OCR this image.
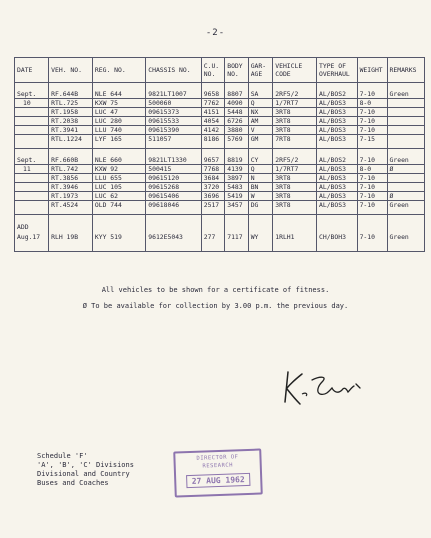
-2-
DATE	VEH. NO.	REG. NO.	CHASSIS NO.	C.U. NO.	BODY NO.	GAR- AGE	VEHICLE CODE	TYPE OF OVERHAUL	WEIGHT	REMARKS
Sept.	RF.644B	NLE 644	9821LT1007	9658	8807	SA	2RF5/2	AL/BOS2	7-10	Green
10	RTL.725	KXW 75	500060	7762	4090	Q	1/7RT7	AL/BOS3	8-0	
	RT.1958	LUC 47	09615373	4151	5448	NX	3RT8	AL/BOS3	7-10	
	RT.2038	LUC 280	09615533	4054	6726	AM	3RT8	AL/BOS3	7-10	
	RT.3941	LLU 740	09615390	4142	3880	V	3RT8	AL/BOS3	7-10	
	RTL.1224	LYF 165	511057	8186	5769	GM	7RT8	AL/BOS3	7-15	
Sept.	RF.660B	NLE 660	9821LT1330	9657	8819	CY	2RF5/2	AL/BOS2	7-10	Green
11	RTL.742	KXW 92	500415	7768	4139	Q	1/7RT7	AL/BOS3	8-0	Ø
	RT.3856	LLU 655	09615120	3684	3897	N	3RT8	AL/BOS3	7-10	
	RT.3946	LUC 105	09615268	3720	5483	BN	3RT8	AL/BOS3	7-10	
	RT.1973	LUC 62	09615406	3696	5419	W	3RT8	AL/BOS3	7-10	Ø
	RT.4524	OLD 744	09618046	2517	3457	DG	3RT8	AL/BOS3	7-10	Green
ADD										
Aug.17	RLH 19B	KYY 519	9612E5043	277	7117	WY	1RLH1	CH/BOH3	7-10	Green
All vehicles to be shown for a certificate of fitness.
Ø To be available for collection by 3.00 p.m. the previous day.
Schedule 'F'
'A', 'B', 'C' Divisions
Divisional and Country
Buses and Coaches
DIRECTOR OF
RESEARCH
27 AUG 1962
